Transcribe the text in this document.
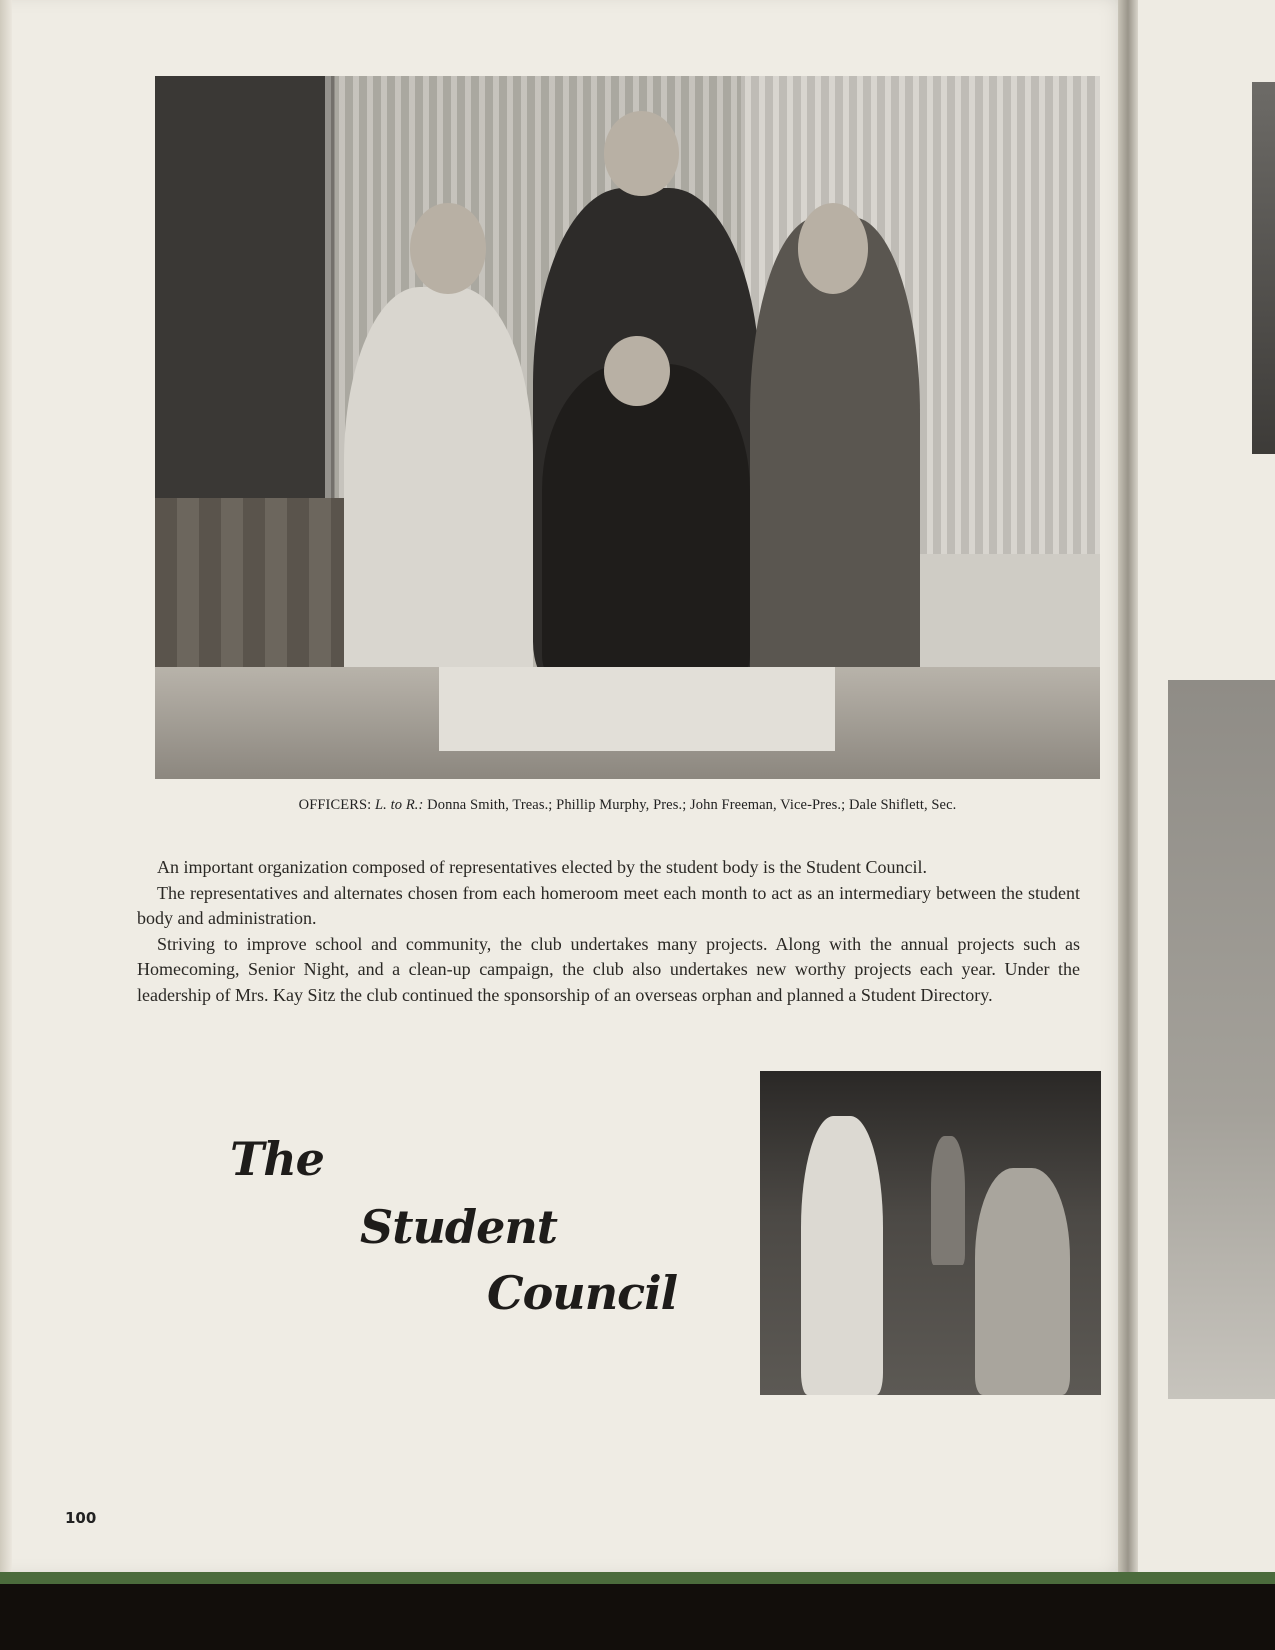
OFFICERS: L. to R.: Donna Smith, Treas.; Phillip Murphy, Pres.; John Freeman, Vice-Pres.; Dale Shiflett, Sec.

An important organization composed of representatives elected by the student body is the Student Council.

The representatives and alternates chosen from each homeroom meet each month to act as an intermediary between the student body and administration.

Striving to improve school and community, the club undertakes many projects. Along with the annual projects such as Homecoming, Senior Night, and a clean-up campaign, the club also undertakes new worthy projects each year. Under the leadership of Mrs. Kay Sitz the club continued the sponsorship of an overseas orphan and planned a Student Directory.

The
Student
Council
100
